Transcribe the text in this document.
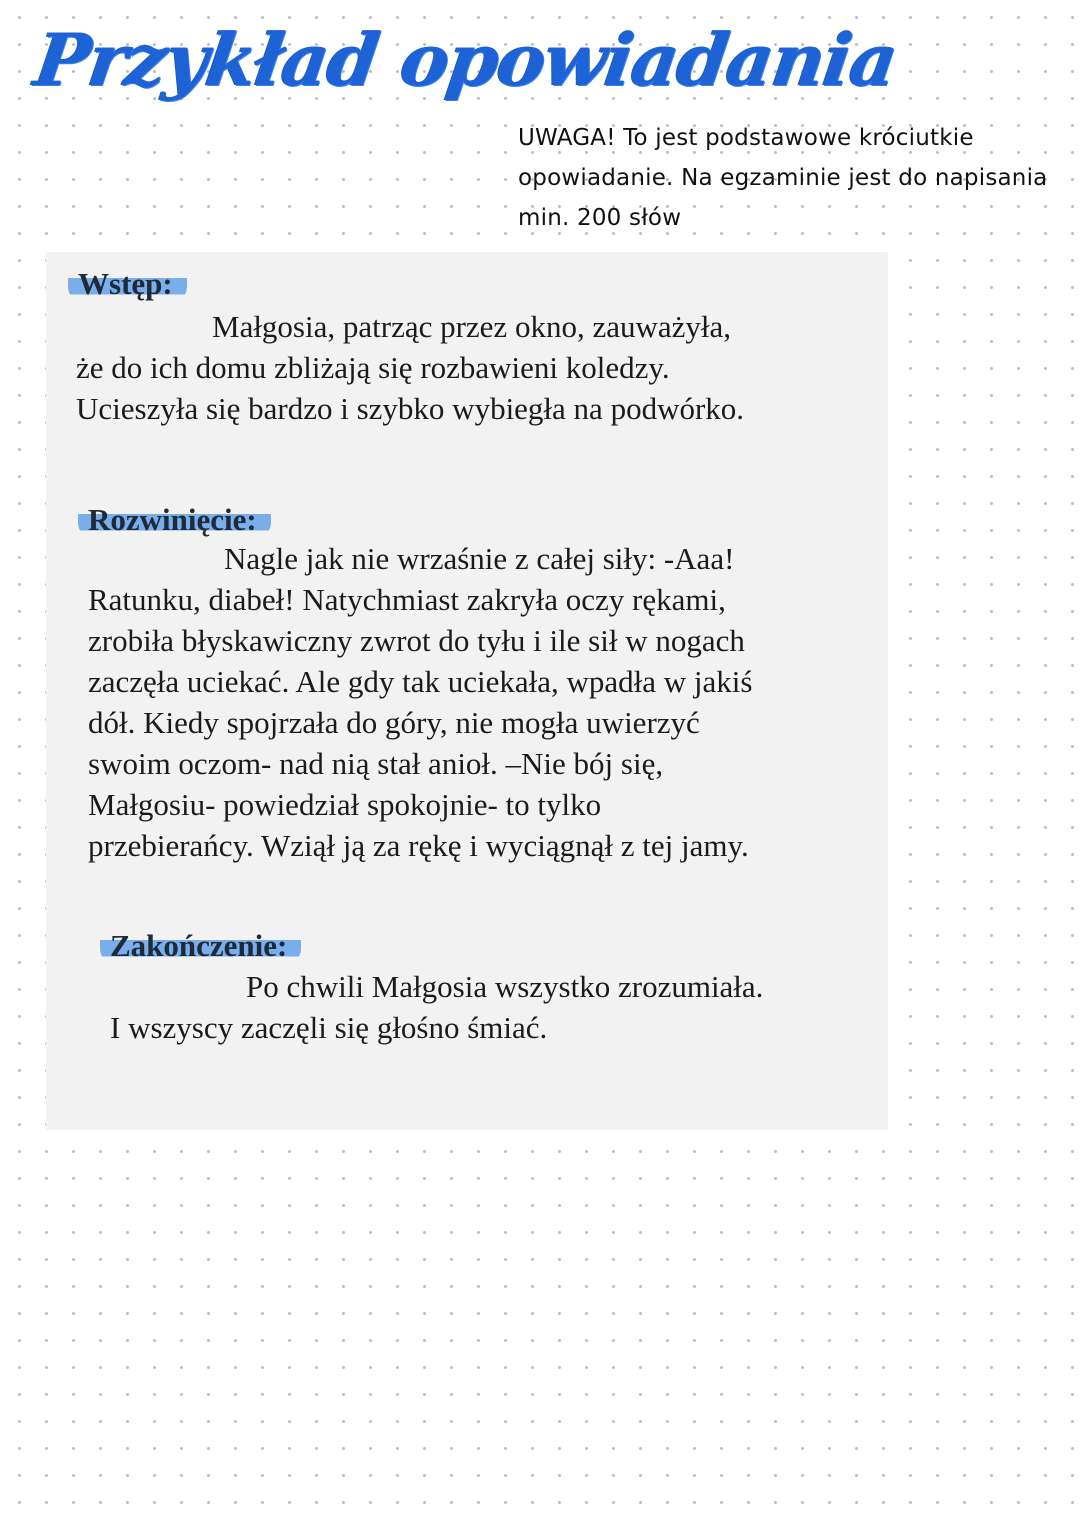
Przykład opowiadania
UWAGA! To jest podstawowe króciutkie
opowiadanie. Na egzaminie jest do napisania
min. 200 słów
Wstęp:
Małgosia, patrząc przez okno, zauważyła,
że do ich domu zbliżają się rozbawieni koledzy.
Ucieszyła się bardzo i szybko wybiegła na podwórko.
Rozwinięcie:
Nagle jak nie wrzaśnie z całej siły: -Aaa!
Ratunku, diabeł! Natychmiast zakryła oczy rękami,
zrobiła błyskawiczny zwrot do tyłu i ile sił w nogach
zaczęła uciekać. Ale gdy tak uciekała, wpadła w jakiś
dół. Kiedy spojrzała do góry, nie mogła uwierzyć
swoim oczom- nad nią stał anioł. –Nie bój się,
Małgosiu- powiedział spokojnie- to tylko
przebierańcy. Wziął ją za rękę i wyciągnął z tej jamy.
Zakończenie:
Po chwili Małgosia wszystko zrozumiała.
I wszyscy zaczęli się głośno śmiać.
